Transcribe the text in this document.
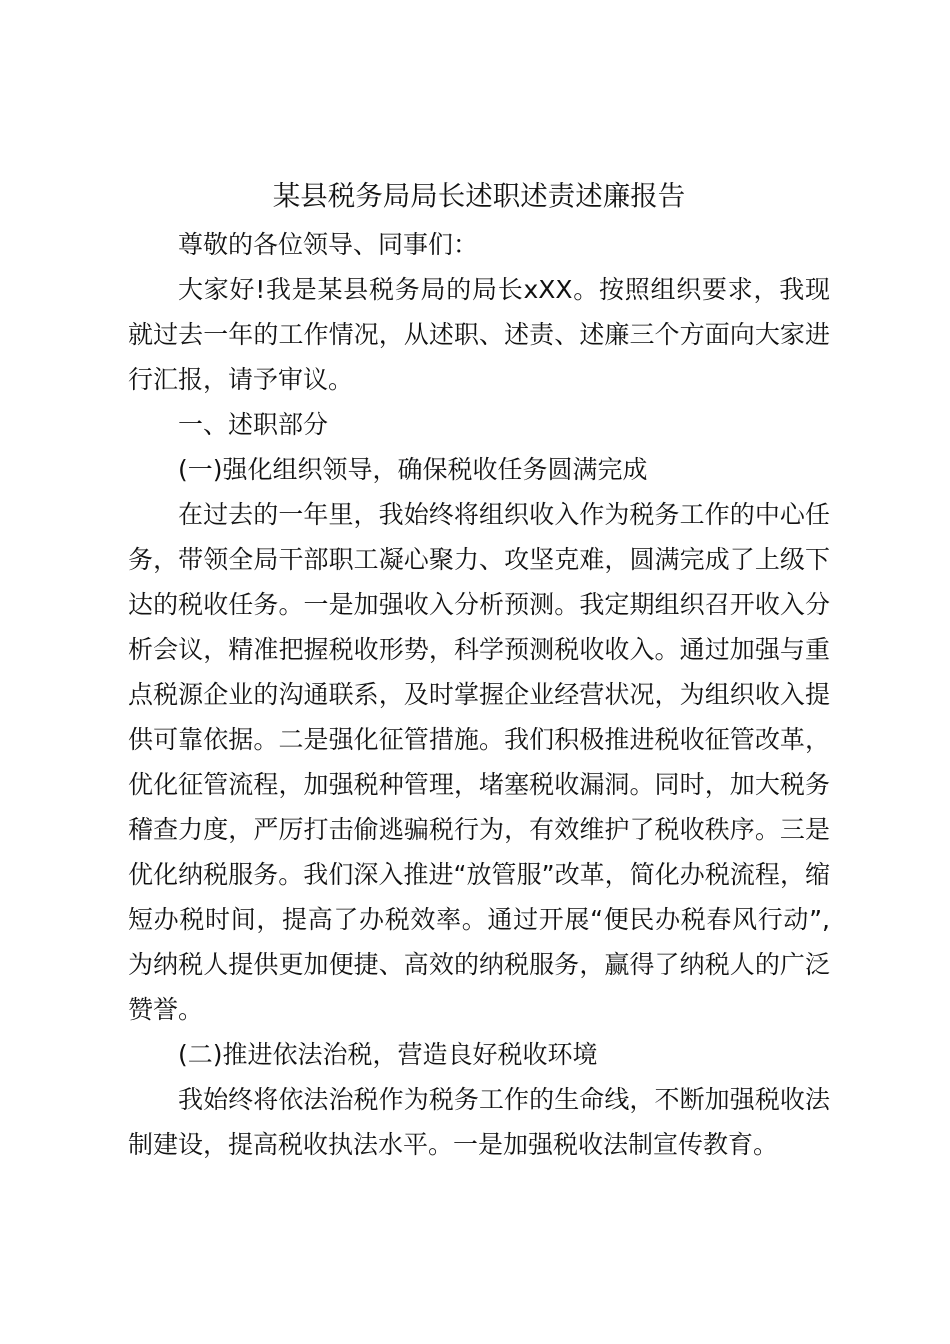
某县税务局局长述职述责述廉报告

尊敬的各位领导、同事们：

大家好!我是某县税务局的局长xXX。按照组织要求，我现就过去一年的工作情况，从述职、述责、述廉三个方面向大家进行汇报，请予审议。

一、述职部分

(一)强化组织领导，确保税收任务圆满完成

在过去的一年里，我始终将组织收入作为税务工作的中心任务，带领全局干部职工凝心聚力、攻坚克难，圆满完成了上级下达的税收任务。一是加强收入分析预测。我定期组织召开收入分析会议，精准把握税收形势，科学预测税收收入。通过加强与重点税源企业的沟通联系，及时掌握企业经营状况，为组织收入提供可靠依据。二是强化征管措施。我们积极推进税收征管改革，优化征管流程，加强税种管理，堵塞税收漏洞。同时，加大税务稽查力度，严厉打击偷逃骗税行为，有效维护了税收秩序。三是优化纳税服务。我们深入推进“放管服”改革，简化办税流程，缩短办税时间，提高了办税效率。通过开展“便民办税春风行动”,为纳税人提供更加便捷、高效的纳税服务，赢得了纳税人的广泛赞誉。

(二)推进依法治税，营造良好税收环境

我始终将依法治税作为税务工作的生命线，不断加强税收法制建设，提高税收执法水平。一是加强税收法制宣传教育。
